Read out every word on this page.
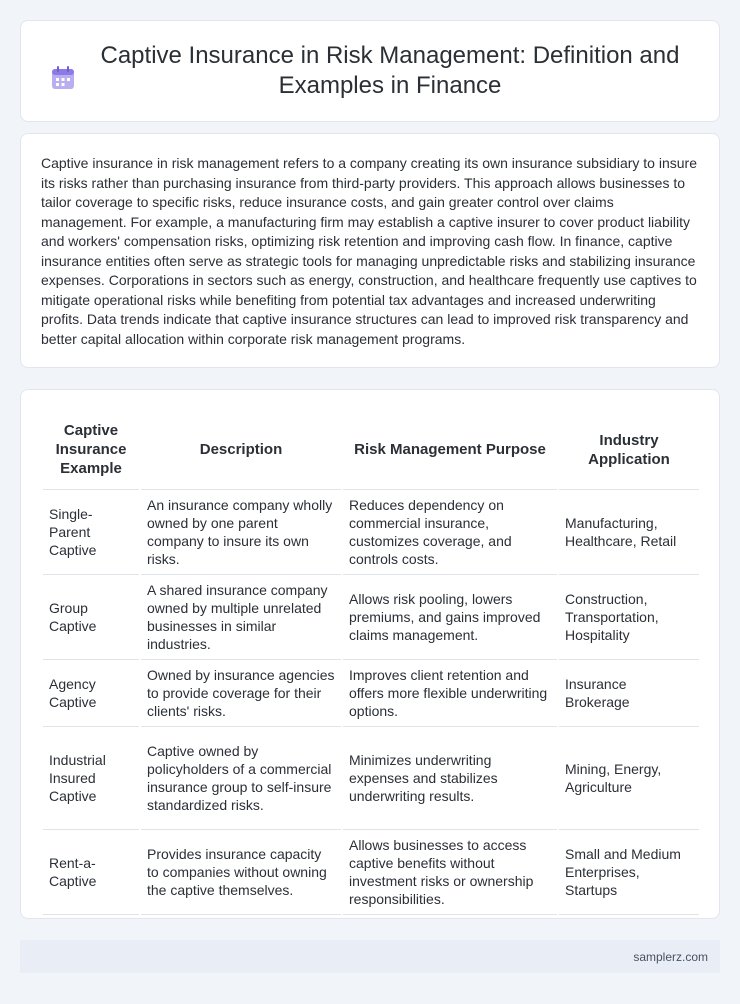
Captive Insurance in Risk Management: Definition and Examples in Finance

Captive insurance in risk management refers to a company creating its own insurance subsidiary to insure its risks rather than purchasing insurance from third-party providers. This approach allows businesses to tailor coverage to specific risks, reduce insurance costs, and gain greater control over claims management. For example, a manufacturing firm may establish a captive insurer to cover product liability and workers' compensation risks, optimizing risk retention and improving cash flow. In finance, captive insurance entities often serve as strategic tools for managing unpredictable risks and stabilizing insurance expenses. Corporations in sectors such as energy, construction, and healthcare frequently use captives to mitigate operational risks while benefiting from potential tax advantages and increased underwriting profits. Data trends indicate that captive insurance structures can lead to improved risk transparency and better capital allocation within corporate risk management programs.

Captive Insurance Example	Description	Risk Management Purpose	Industry Application
Single-Parent Captive	An insurance company wholly owned by one parent company to insure its own risks.	Reduces dependency on commercial insurance, customizes coverage, and controls costs.	Manufacturing, Healthcare, Retail
Group Captive	A shared insurance company owned by multiple unrelated businesses in similar industries.	Allows risk pooling, lowers premiums, and gains improved claims management.	Construction, Transportation, Hospitality
Agency Captive	Owned by insurance agencies to provide coverage for their clients' risks.	Improves client retention and offers more flexible underwriting options.	Insurance Brokerage
Industrial Insured Captive	Captive owned by policyholders of a commercial insurance group to self-insure standardized risks.	Minimizes underwriting expenses and stabilizes underwriting results.	Mining, Energy, Agriculture
Rent-a-Captive	Provides insurance capacity to companies without owning the captive themselves.	Allows businesses to access captive benefits without investment risks or ownership responsibilities.	Small and Medium Enterprises, Startups
samplerz.com
